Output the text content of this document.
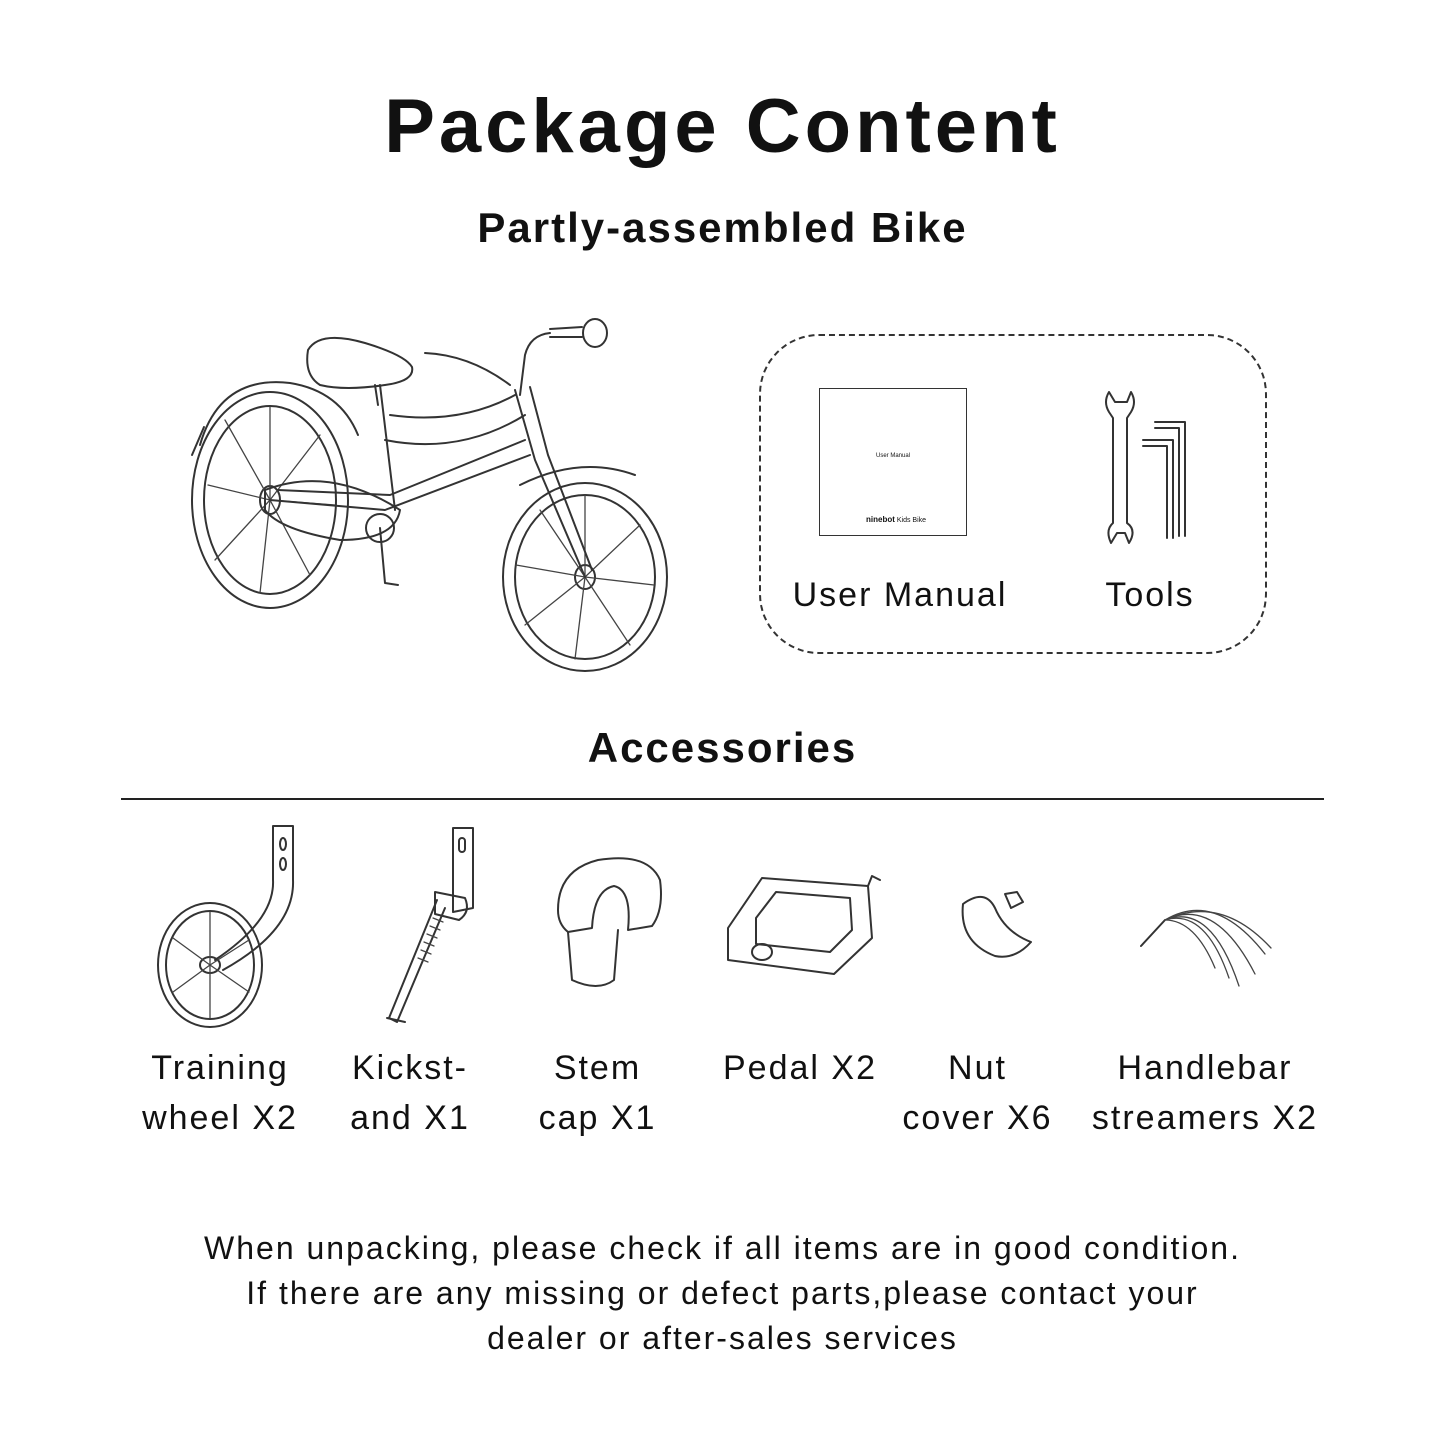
Package Content
Partly-assembled Bike
User Manual
ninebot Kids Bike
User Manual	Tools
Accessories
Training
wheel X2
Kickst-
and X1
Stem
cap X1
Pedal X2	Nut
cover X6
Handlebar
streamers X2
When unpacking, please check if all items are in good condition.
If there are any missing or defect parts,please contact your
dealer or after-sales services
